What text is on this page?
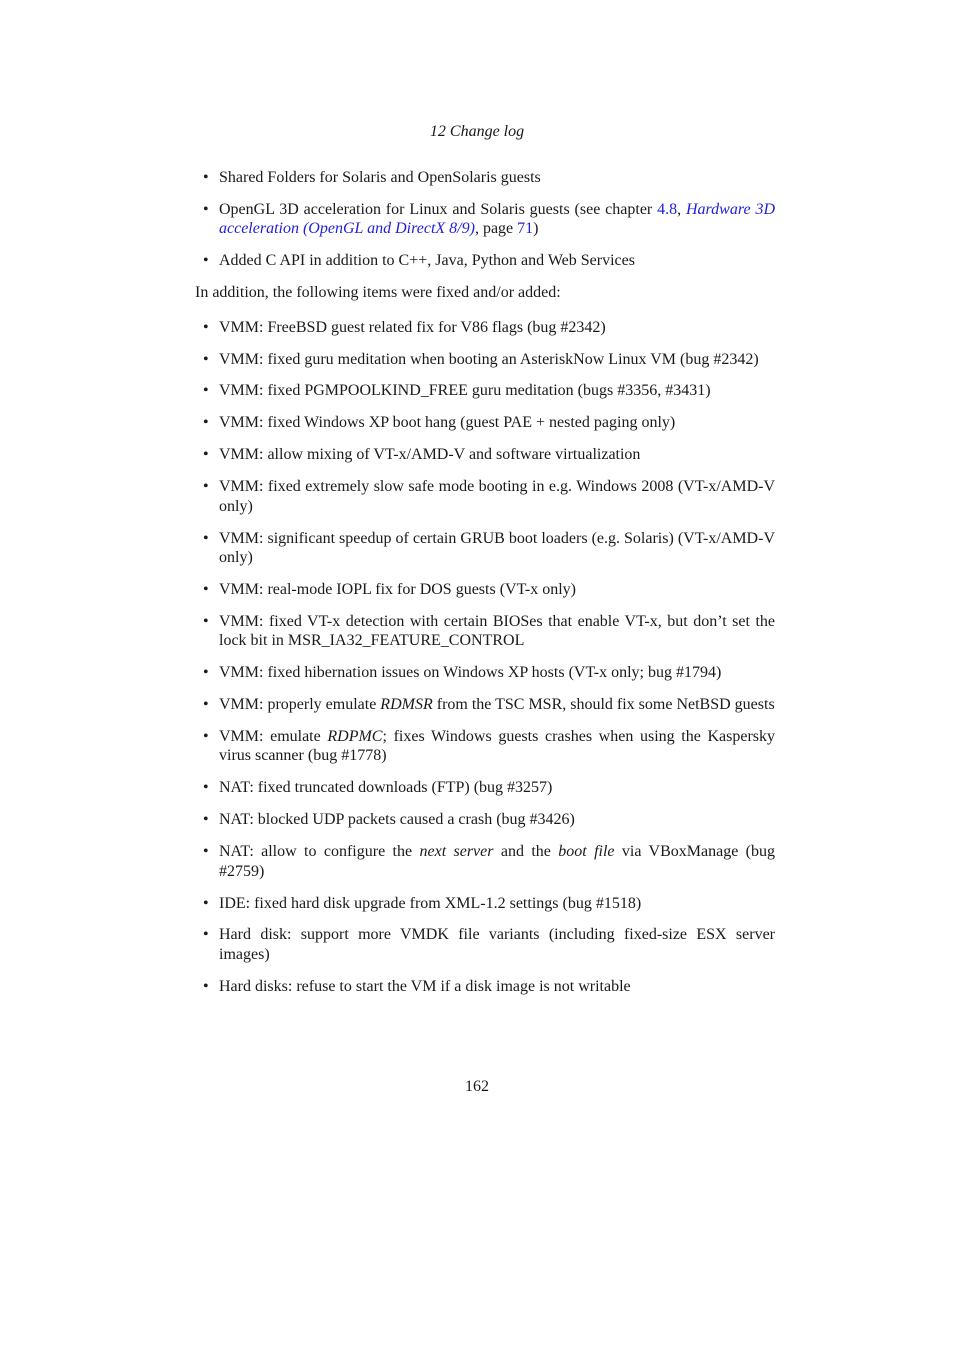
12 Change log
• Shared Folders for Solaris and OpenSolaris guests
• OpenGL 3D acceleration for Linux and Solaris guests (see chapter 4.8, Hardware 3D acceleration (OpenGL and DirectX 8/9), page 71)
• Added C API in addition to C++, Java, Python and Web Services

In addition, the following items were fixed and/or added:

• VMM: FreeBSD guest related fix for V86 flags (bug #2342)
• VMM: fixed guru meditation when booting an AsteriskNow Linux VM (bug #2342)
• VMM: fixed PGMPOOLKIND_FREE guru meditation (bugs #3356, #3431)
• VMM: fixed Windows XP boot hang (guest PAE + nested paging only)
• VMM: allow mixing of VT-x/AMD-V and software virtualization
• VMM: fixed extremely slow safe mode booting in e.g. Windows 2008 (VT-x/AMD-V only)
• VMM: significant speedup of certain GRUB boot loaders (e.g. Solaris) (VT-x/AMD-V only)
• VMM: real-mode IOPL fix for DOS guests (VT-x only)
• VMM: fixed VT-x detection with certain BIOSes that enable VT-x, but don’t set the lock bit in MSR_IA32_FEATURE_CONTROL
• VMM: fixed hibernation issues on Windows XP hosts (VT-x only; bug #1794)
• VMM: properly emulate RDMSR from the TSC MSR, should fix some NetBSD guests
• VMM: emulate RDPMC; fixes Windows guests crashes when using the Kaspersky virus scanner (bug #1778)
• NAT: fixed truncated downloads (FTP) (bug #3257)
• NAT: blocked UDP packets caused a crash (bug #3426)
• NAT: allow to configure the next server and the boot file via VBoxManage (bug #2759)
• IDE: fixed hard disk upgrade from XML-1.2 settings (bug #1518)
• Hard disk: support more VMDK file variants (including fixed-size ESX server images)
• Hard disks: refuse to start the VM if a disk image is not writable
162
